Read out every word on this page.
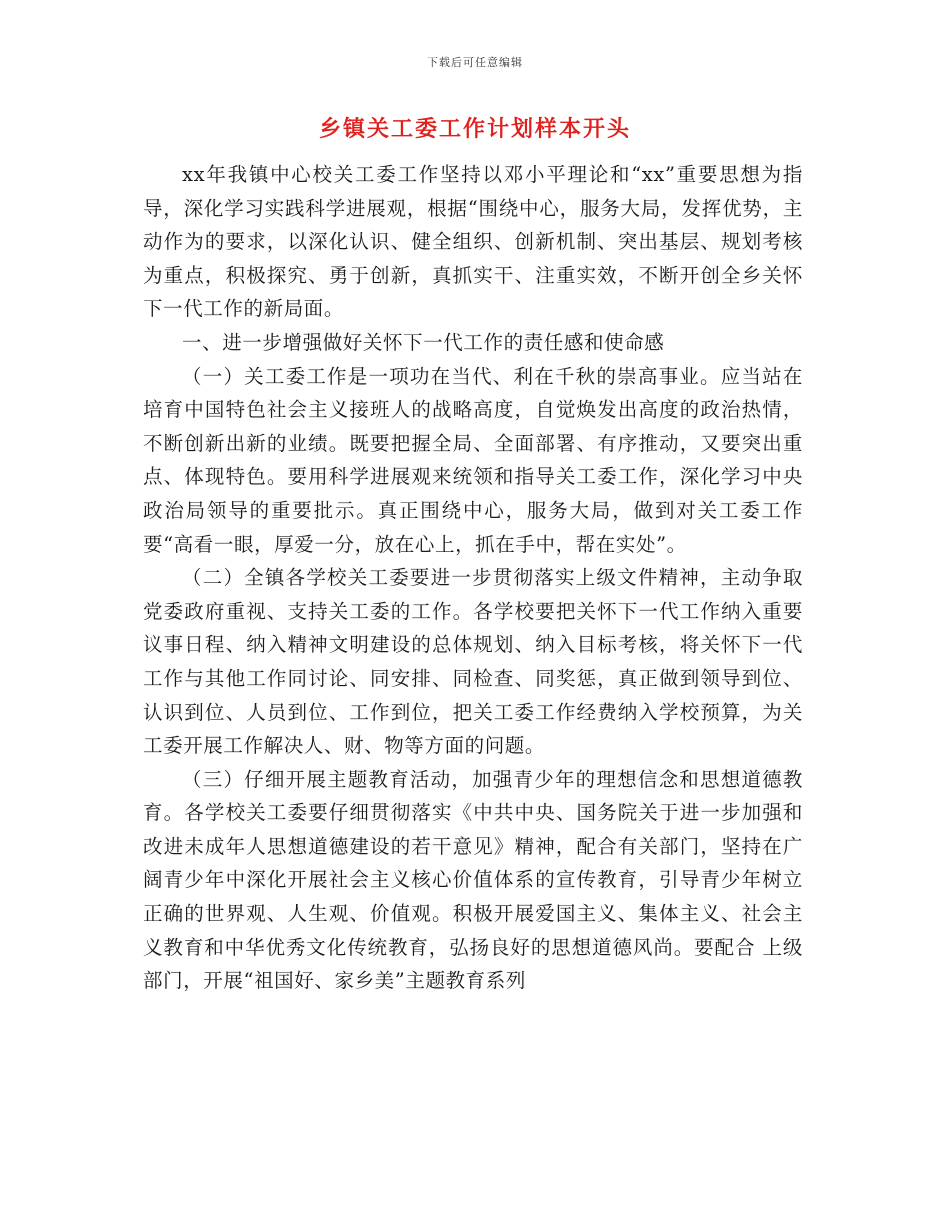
下载后可任意编辑
乡镇关工委工作计划样本开头

xx年我镇中心校关工委工作坚持以邓小平理论和“xx”重要思想为指导，深化学习实践科学进展观，根据“围绕中心，服务大局，发挥优势，主动作为的要求，以深化认识、健全组织、创新机制、突出基层、规划考核为重点，积极探究、勇于创新，真抓实干、注重实效，不断开创全乡关怀下一代工作的新局面。

一、进一步增强做好关怀下一代工作的责任感和使命感

（一）关工委工作是一项功在当代、利在千秋的崇高事业。应当站在培育中国特色社会主义接班人的战略高度，自觉焕发出高度的政治热情，不断创新出新的业绩。既要把握全局、全面部署、有序推动，又要突出重点、体现特色。要用科学进展观来统领和指导关工委工作，深化学习中央政治局领导的重要批示。真正围绕中心，服务大局，做到对关工委工作要“高看一眼，厚爱一分，放在心上，抓在手中，帮在实处”。

（二）全镇各学校关工委要进一步贯彻落实上级文件精神，主动争取党委政府重视、支持关工委的工作。各学校要把关怀下一代工作纳入重要议事日程、纳入精神文明建设的总体规划、纳入目标考核，将关怀下一代工作与其他工作同讨论、同安排、同检查、同奖惩，真正做到领导到位、认识到位、人员到位、工作到位，把关工委工作经费纳入学校预算，为关工委开展工作解决人、财、物等方面的问题。

（三）仔细开展主题教育活动，加强青少年的理想信念和思想道德教育。各学校关工委要仔细贯彻落实《中共中央、国务院关于进一步加强和改进未成年人思想道德建设的若干意见》精神，配合有关部门，坚持在广阔青少年中深化开展社会主义核心价值体系的宣传教育，引导青少年树立正确的世界观、人生观、价值观。积极开展爱国主义、集体主义、社会主义教育和中华优秀文化传统教育，弘扬良好的思想道德风尚。要配合 上级部门，开展“祖国好、家乡美”主题教育系列
